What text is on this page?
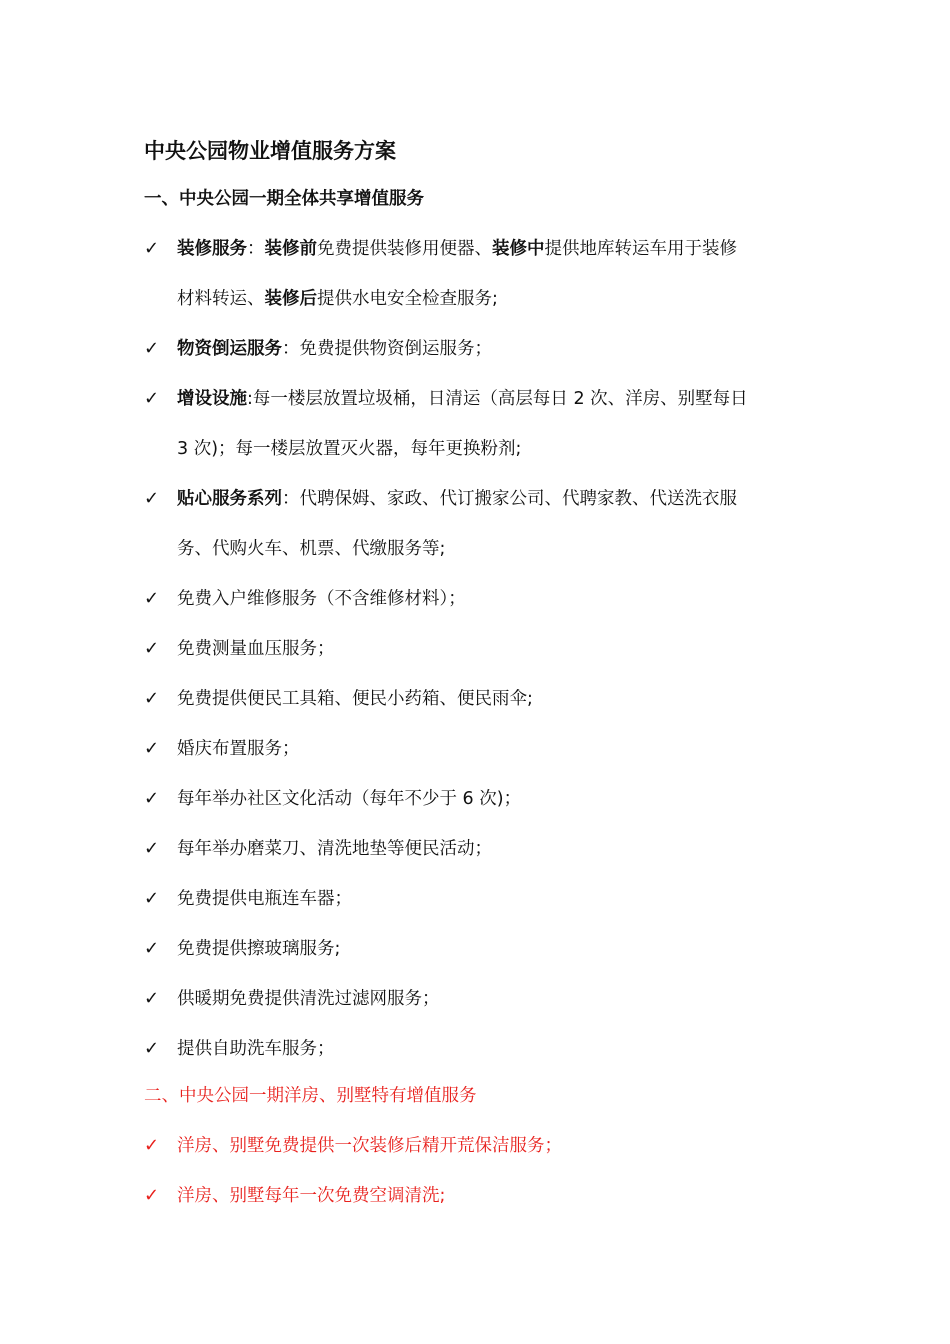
中央公园物业增值服务方案
一、中央公园一期全体共享增值服务
✓	装修服务：装修前免费提供装修用便器、装修中提供地库转运车用于装修
材料转运、装修后提供水电安全检查服务;
✓	物资倒运服务：免费提供物资倒运服务；
✓	增设设施:每一楼层放置垃圾桶，日清运（高层每日 2 次、洋房、别墅每日
3 次)；每一楼层放置灭火器，每年更换粉剂;
✓	贴心服务系列：代聘保姆、家政、代订搬家公司、代聘家教、代送洗衣服
务、代购火车、机票、代缴服务等;
✓	免费入户维修服务（不含维修材料）；
✓	免费测量血压服务；
✓	免费提供便民工具箱、便民小药箱、便民雨伞;
✓	婚庆布置服务；
✓	每年举办社区文化活动（每年不少于 6 次)；
✓	每年举办磨菜刀、清洗地垫等便民活动；
✓	免费提供电瓶连车器；
✓	免费提供擦玻璃服务;
✓	供暖期免费提供清洗过滤网服务；
✓	提供自助洗车服务；
二、中央公园一期洋房、别墅特有增值服务
✓	洋房、别墅免费提供一次装修后精开荒保洁服务；
✓	洋房、别墅每年一次免费空调清洗;
